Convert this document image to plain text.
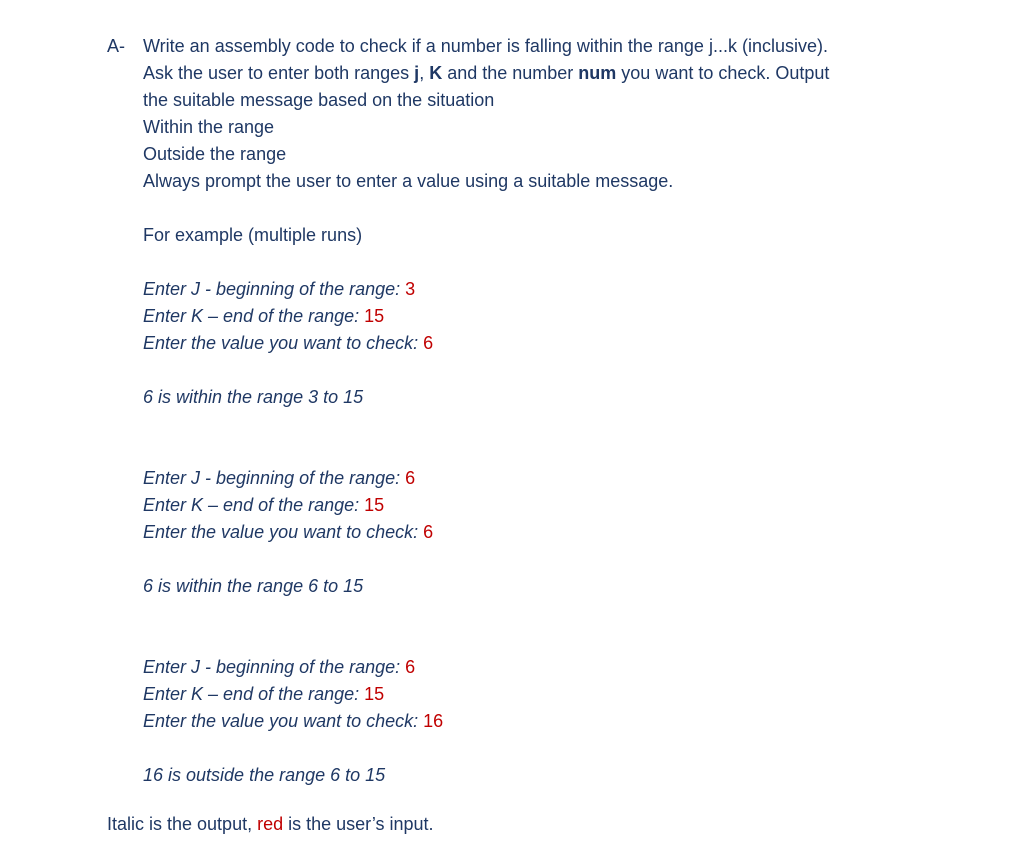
A-	Write an assembly code to check if a number is falling within the range j...k (inclusive).
Ask the user to enter both ranges j, K and the number num you want to check. Output
the suitable message based on the situation
Within the range
Outside the range
Always prompt the user to enter a value using a suitable message.
For example (multiple runs)
Enter J - beginning of the range: 3
Enter K – end of the range: 15
Enter the value you want to check: 6
6 is within the range 3 to 15
Enter J - beginning of the range: 6
Enter K – end of the range: 15
Enter the value you want to check: 6
6 is within the range 6 to 15
Enter J - beginning of the range: 6
Enter K – end of the range: 15
Enter the value you want to check: 16
16 is outside the range 6 to 15
Italic is the output, red is the user’s input.
